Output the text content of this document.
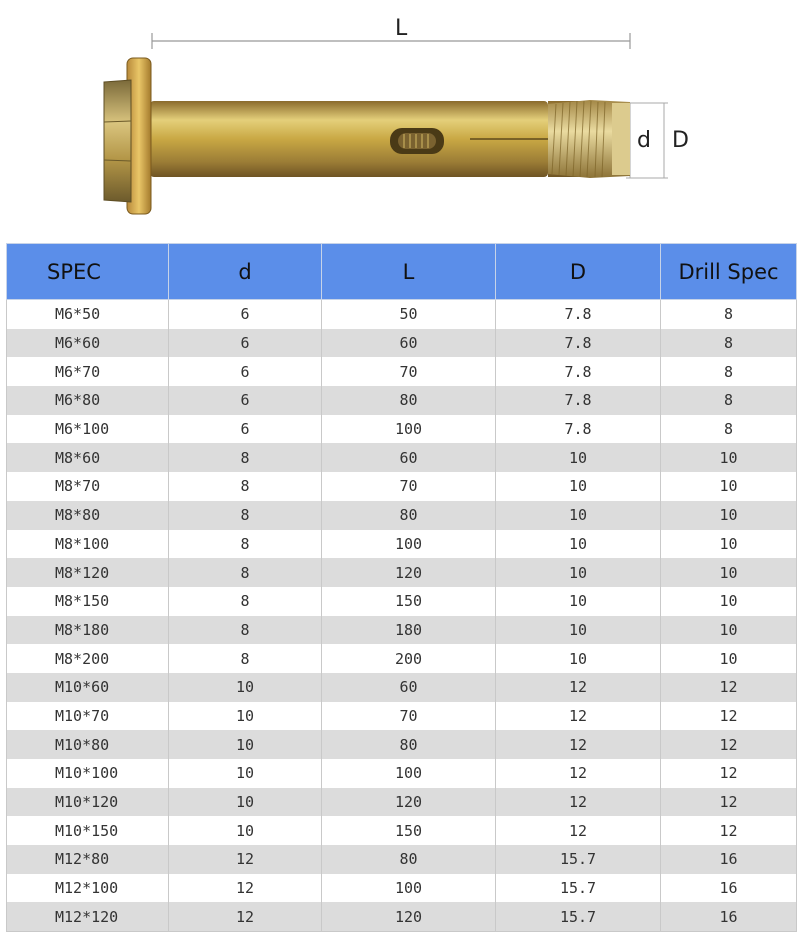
L
d D
SPEC	d	L	D	Drill Spec
M6*50	6	50	7.8	8
M6*60	6	60	7.8	8
M6*70	6	70	7.8	8
M6*80	6	80	7.8	8
M6*100	6	100	7.8	8
M8*60	8	60	10	10
M8*70	8	70	10	10
M8*80	8	80	10	10
M8*100	8	100	10	10
M8*120	8	120	10	10
M8*150	8	150	10	10
M8*180	8	180	10	10
M8*200	8	200	10	10
M10*60	10	60	12	12
M10*70	10	70	12	12
M10*80	10	80	12	12
M10*100	10	100	12	12
M10*120	10	120	12	12
M10*150	10	150	12	12
M12*80	12	80	15.7	16
M12*100	12	100	15.7	16
M12*120	12	120	15.7	16
